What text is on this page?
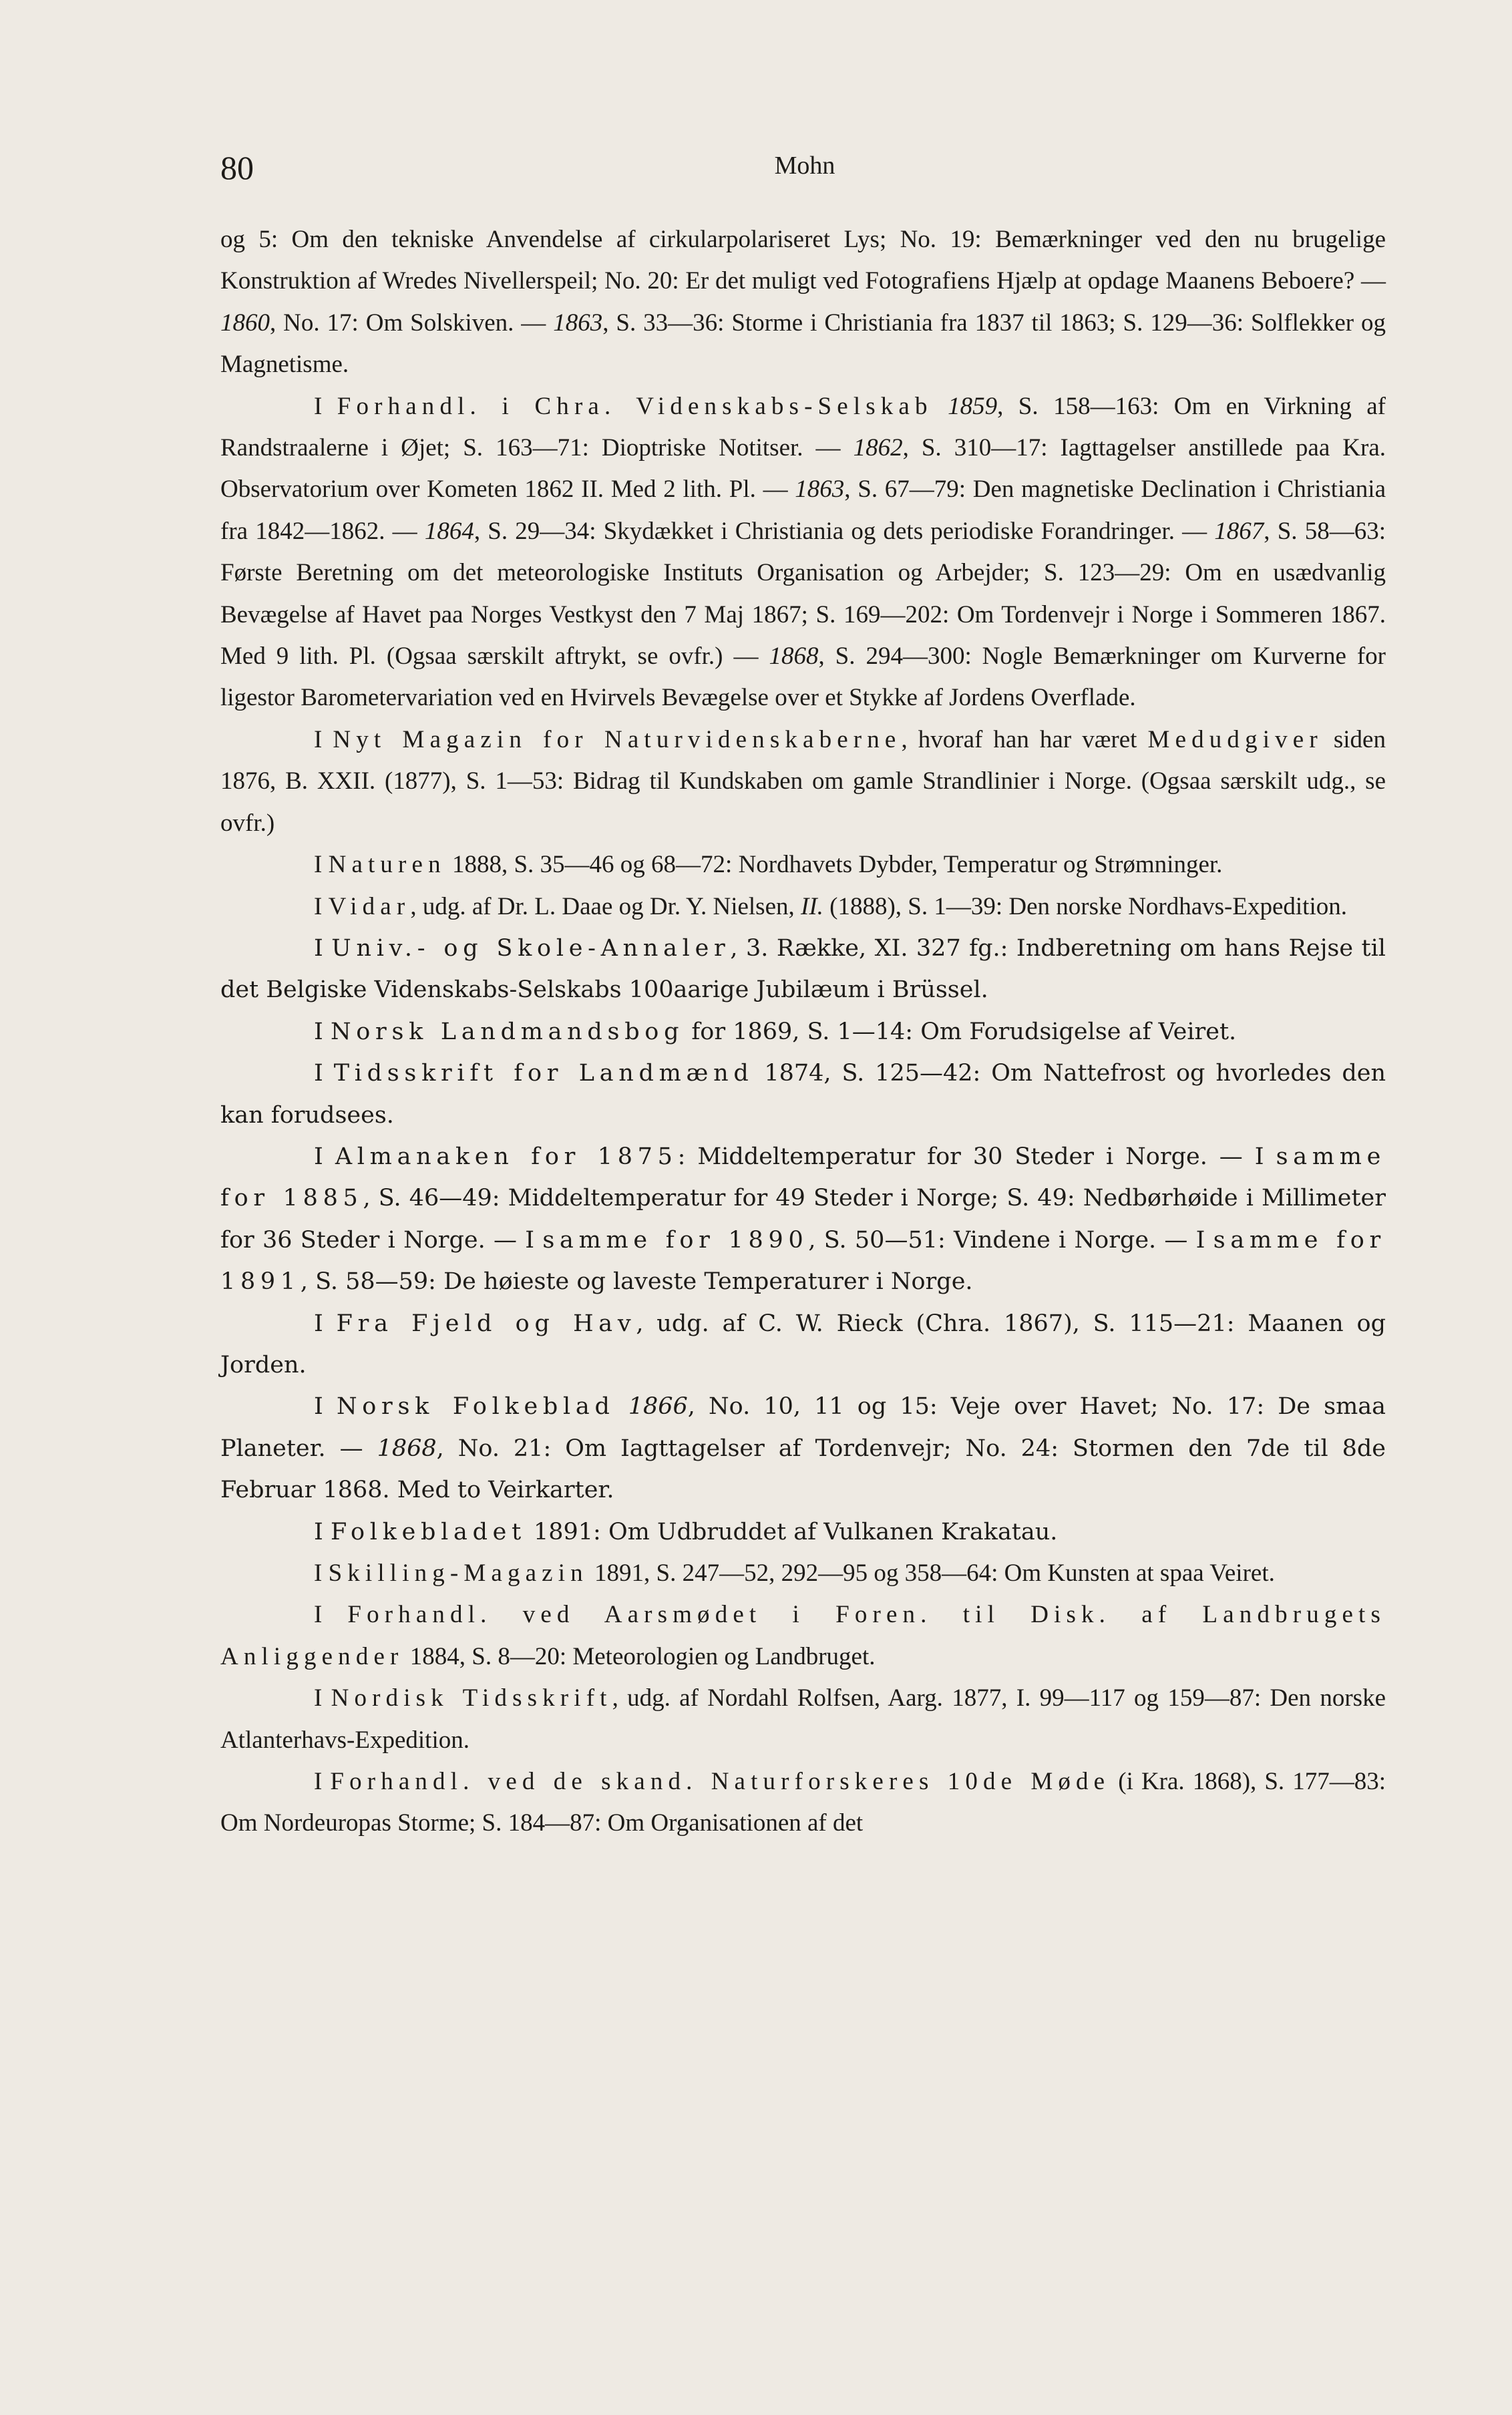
80	Mohn

og 5: Om den tekniske Anvendelse af cirkularpolariseret Lys; No. 19: Bemærkninger ved den nu brugelige Konstruktion af Wredes Nivellerspeil; No. 20: Er det muligt ved Fotografiens Hjælp at opdage Maanens Beboere? — 1860, No. 17: Om Solskiven. — 1863, S. 33—36: Storme i Christiania fra 1837 til 1863; S. 129—36: Solflekker og Magnetisme.

I Forhandl. i Chra. Videnskabs-Selskab 1859, S. 158—163: Om en Virkning af Randstraalerne i Øjet; S. 163—71: Dioptriske Notitser. — 1862, S. 310—17: Iagttagelser anstillede paa Kra. Observatorium over Kometen 1862 II. Med 2 lith. Pl. — 1863, S. 67—79: Den magnetiske Declination i Christiania fra 1842—1862. — 1864, S. 29—34: Skydækket i Christiania og dets periodiske Forandringer. — 1867, S. 58—63: Første Beretning om det meteorologiske Instituts Organisation og Arbejder; S. 123—29: Om en usædvanlig Bevægelse af Havet paa Norges Vestkyst den 7 Maj 1867; S. 169—202: Om Tordenvejr i Norge i Sommeren 1867. Med 9 lith. Pl. (Ogsaa særskilt aftrykt, se ovfr.) — 1868, S. 294—300: Nogle Bemærkninger om Kurverne for ligestor Barometervariation ved en Hvirvels Bevægelse over et Stykke af Jordens Overflade.

I Nyt Magazin for Naturvidenskaberne, hvoraf han har været Medudgiver siden 1876, B. XXII. (1877), S. 1—53: Bidrag til Kundskaben om gamle Strandlinier i Norge. (Ogsaa særskilt udg., se ovfr.)

I Naturen 1888, S. 35—46 og 68—72: Nordhavets Dybder, Temperatur og Strømninger.

I Vidar, udg. af Dr. L. Daae og Dr. Y. Nielsen, II. (1888), S. 1—39: Den norske Nordhavs-Expedition.

I Univ.- og Skole-Annaler, 3. Række, XI. 327 fg.: Indberetning om hans Rejse til det Belgiske Videnskabs-Selskabs 100aarige Jubilæum i Brüssel.

I Norsk Landmandsbog for 1869, S. 1—14: Om Forudsigelse af Veiret.

I Tidsskrift for Landmænd 1874, S. 125—42: Om Nattefrost og hvorledes den kan forudsees.

I Almanaken for 1875: Middeltemperatur for 30 Steder i Norge. — I samme for 1885, S. 46—49: Middeltemperatur for 49 Steder i Norge; S. 49: Nedbørhøide i Millimeter for 36 Steder i Norge. — I samme for 1890, S. 50—51: Vindene i Norge. — I samme for 1891, S. 58—59: De høieste og laveste Temperaturer i Norge.

I Fra Fjeld og Hav, udg. af C. W. Rieck (Chra. 1867), S. 115—21: Maanen og Jorden.

I Norsk Folkeblad 1866, No. 10, 11 og 15: Veje over Havet; No. 17: De smaa Planeter. — 1868, No. 21: Om Iagttagelser af Tordenvejr; No. 24: Stormen den 7de til 8de Februar 1868. Med to Veirkarter.

I Folkebladet 1891: Om Udbruddet af Vulkanen Krakatau.

I Skilling-Magazin 1891, S. 247—52, 292—95 og 358—64: Om Kunsten at spaa Veiret.

I Forhandl. ved Aarsmødet i Foren. til Disk. af Landbrugets Anliggender 1884, S. 8—20: Meteorologien og Landbruget.

I Nordisk Tidsskrift, udg. af Nordahl Rolfsen, Aarg. 1877, I. 99—117 og 159—87: Den norske Atlanterhavs-Expedition.

I Forhandl. ved de skand. Naturforskeres 10de Møde (i Kra. 1868), S. 177—83: Om Nordeuropas Storme; S. 184—87: Om Organisationen af det
